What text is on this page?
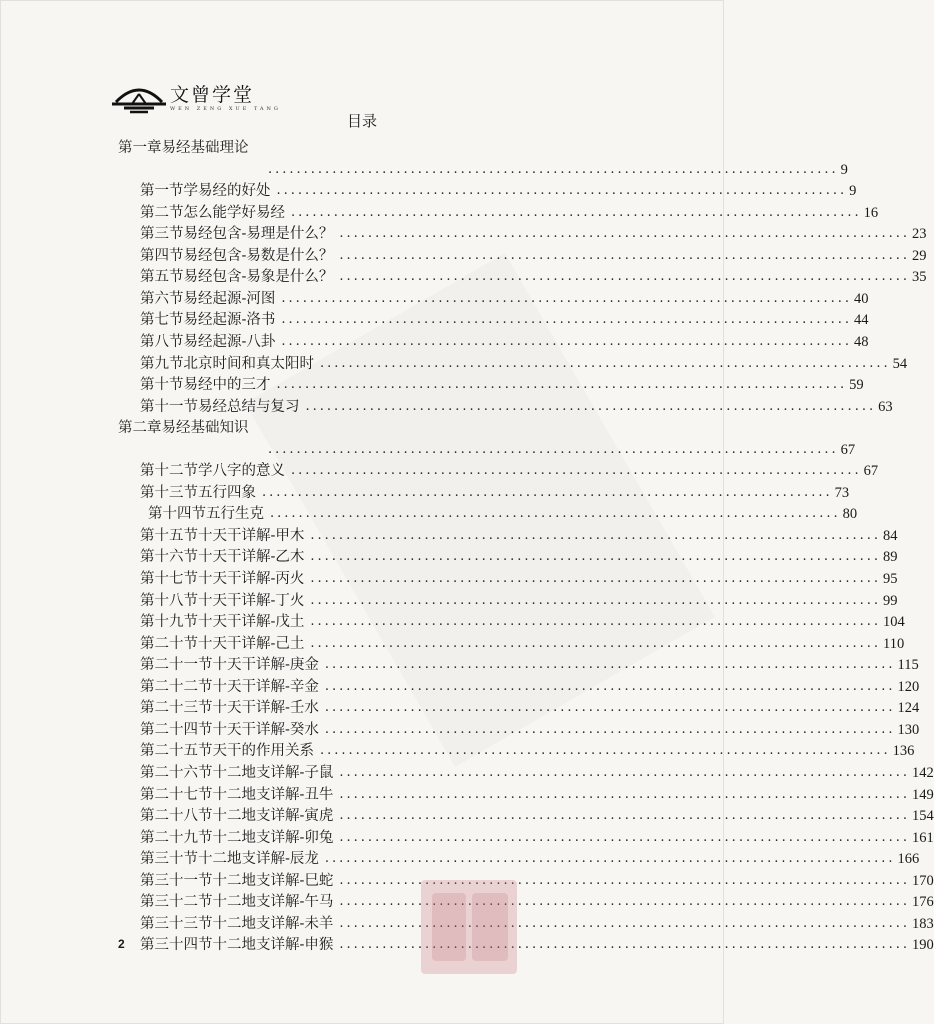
文曾学堂
WEN ZENG XUE TANG
目录
第一章易经基础理论
................................................................................ 9
第一节学易经的好处 ................................................................................ 9
第二节怎么能学好易经 ................................................................................ 16
第三节易经包含-易理是什么？ ................................................................................ 23
第四节易经包含-易数是什么？ ................................................................................ 29
第五节易经包含-易象是什么？ ................................................................................ 35
第六节易经起源-河图 ................................................................................ 40
第七节易经起源-洛书 ................................................................................ 44
第八节易经起源-八卦 ................................................................................ 48
第九节北京时间和真太阳时 ................................................................................ 54
第十节易经中的三才 ................................................................................ 59
第十一节易经总结与复习 ................................................................................ 63
第二章易经基础知识
................................................................................ 67
第十二节学八字的意义 ................................................................................ 67
第十三节五行四象 ................................................................................ 73
第十四节五行生克 ................................................................................ 80
第十五节十天干详解-甲木 ................................................................................ 84
第十六节十天干详解-乙木 ................................................................................ 89
第十七节十天干详解-丙火 ................................................................................ 95
第十八节十天干详解-丁火 ................................................................................ 99
第十九节十天干详解-戊土 ................................................................................ 104
第二十节十天干详解-己土 ................................................................................ 110
第二十一节十天干详解-庚金 ................................................................................ 115
第二十二节十天干详解-辛金 ................................................................................ 120
第二十三节十天干详解-壬水 ................................................................................ 124
第二十四节十天干详解-癸水 ................................................................................ 130
第二十五节天干的作用关系 ................................................................................ 136
第二十六节十二地支详解-子鼠 ................................................................................ 142
第二十七节十二地支详解-丑牛 ................................................................................ 149
第二十八节十二地支详解-寅虎 ................................................................................ 154
第二十九节十二地支详解-卯兔 ................................................................................ 161
第三十节十二地支详解-辰龙 ................................................................................ 166
第三十一节十二地支详解-巳蛇 ................................................................................ 170
第三十二节十二地支详解-午马 ................................................................................ 176
第三十三节十二地支详解-未羊 ................................................................................ 183
第三十四节十二地支详解-申猴 ................................................................................ 190
2
